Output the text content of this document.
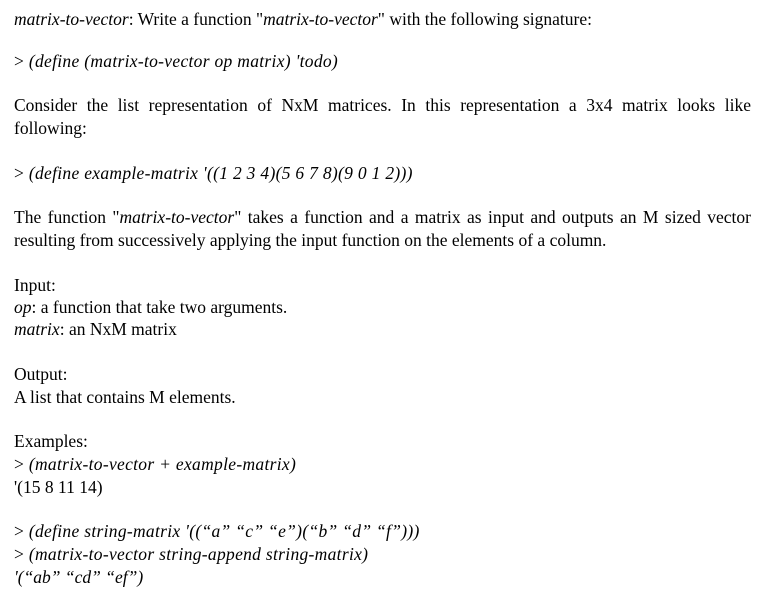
matrix-to-vector: Write a function "matrix-to-vector" with the following signature:
> (define (matrix-to-vector op matrix) 'todo)
Consider the list representation of NxM matrices. In this representation a 3x4 matrix looks like following:
> (define example-matrix '((1 2 3 4)(5 6 7 8)(9 0 1 2)))
The function "matrix-to-vector" takes a function and a matrix as input and outputs an M sized vector resulting from successively applying the input function on the elements of a column.
Input:
op: a function that take two arguments.
matrix: an NxM matrix
Output:
A list that contains M elements.
Examples:
> (matrix-to-vector + example-matrix)
'(15 8 11 14)
> (define string-matrix '((“a” “c” “e”)(“b” “d” “f”)))
> (matrix-to-vector string-append string-matrix)
'(“ab” “cd” “ef”)
